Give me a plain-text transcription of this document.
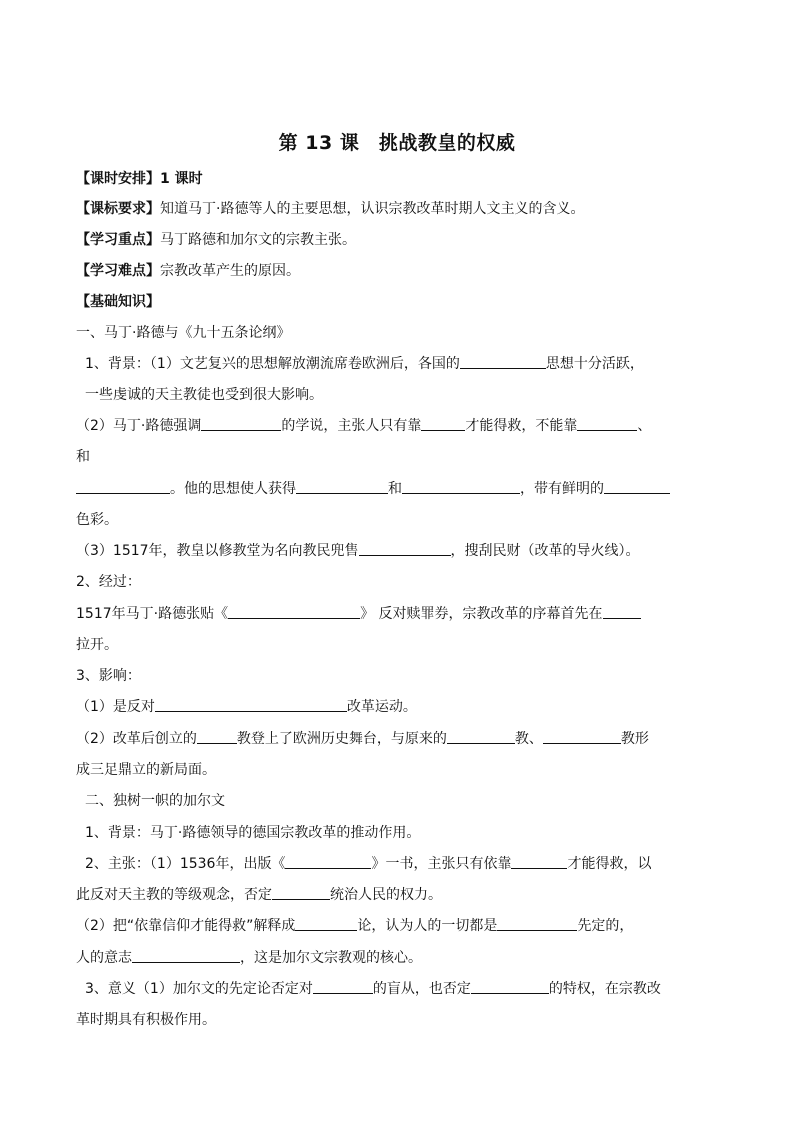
第 13 课　挑战教皇的权威
【课时安排】1 课时
【课标要求】知道马丁·路德等人的主要思想，认识宗教改革时期人文主义的含义。
【学习重点】马丁路德和加尔文的宗教主张。
【学习难点】宗教改革产生的原因。
【基础知识】
一、马丁·路德与《九十五条论纲》
1、背景：（1）文艺复兴的思想解放潮流席卷欧洲后，各国的	思想十分活跃，
一些虔诚的天主教徒也受到很大影响。
（2）马丁·路德强调	的学说，主张人只有靠	才能得救，不能靠	、
和
。他的思想使人获得	和	，带有鲜明的
色彩。
（3）1517年，教皇以修教堂为名向教民兜售	，搜刮民财（改革的导火线）。
2、经过：
1517年马丁·路德张贴《	》 反对赎罪券，宗教改革的序幕首先在
拉开。
3、影响：
（1）是反对	改革运动。
（2）改革后创立的	教登上了欧洲历史舞台，与原来的	教、	教形
成三足鼎立的新局面。
二、独树一帜的加尔文
1、背景：马丁·路德领导的德国宗教改革的推动作用。
2、主张：（1）1536年，出版《	》一书，主张只有依靠	才能得救，以
此反对天主教的等级观念，否定	统治人民的权力。
（2）把“依靠信仰才能得救”解释成	论，认为人的一切都是	先定的，
人的意志	，这是加尔文宗教观的核心。
3、意义（1）加尔文的先定论否定对	的盲从，也否定	的特权，在宗教改
革时期具有积极作用。
